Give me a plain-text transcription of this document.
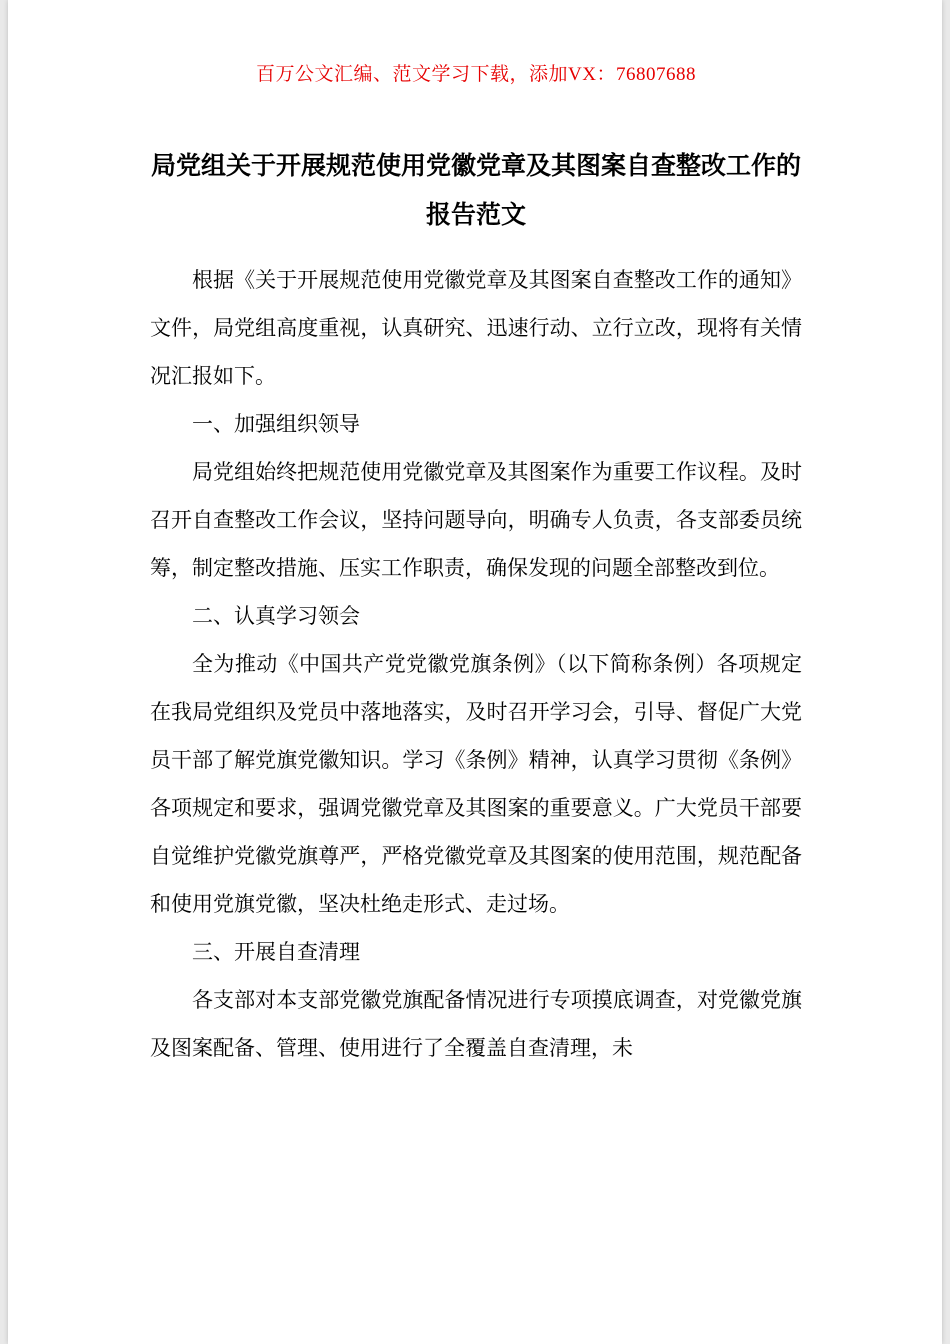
百万公文汇编、范文学习下载，添加VX：76807688
局党组关于开展规范使用党徽党章及其图案自查整改工作的报告范文

根据《关于开展规范使用党徽党章及其图案自查整改工作的通知》文件，局党组高度重视，认真研究、迅速行动、立行立改，现将有关情况汇报如下。

一、加强组织领导

局党组始终把规范使用党徽党章及其图案作为重要工作议程。及时召开自查整改工作会议，坚持问题导向，明确专人负责，各支部委员统筹，制定整改措施、压实工作职责，确保发现的问题全部整改到位。

二、认真学习领会

全为推动《中国共产党党徽党旗条例》（以下简称条例）各项规定在我局党组织及党员中落地落实，及时召开学习会，引导、督促广大党员干部了解党旗党徽知识。学习《条例》精神，认真学习贯彻《条例》各项规定和要求，强调党徽党章及其图案的重要意义。广大党员干部要自觉维护党徽党旗尊严，严格党徽党章及其图案的使用范围，规范配备和使用党旗党徽，坚决杜绝走形式、走过场。

三、开展自查清理

各支部对本支部党徽党旗配备情况进行专项摸底调查，对党徽党旗及图案配备、管理、使用进行了全覆盖自查清理，未
